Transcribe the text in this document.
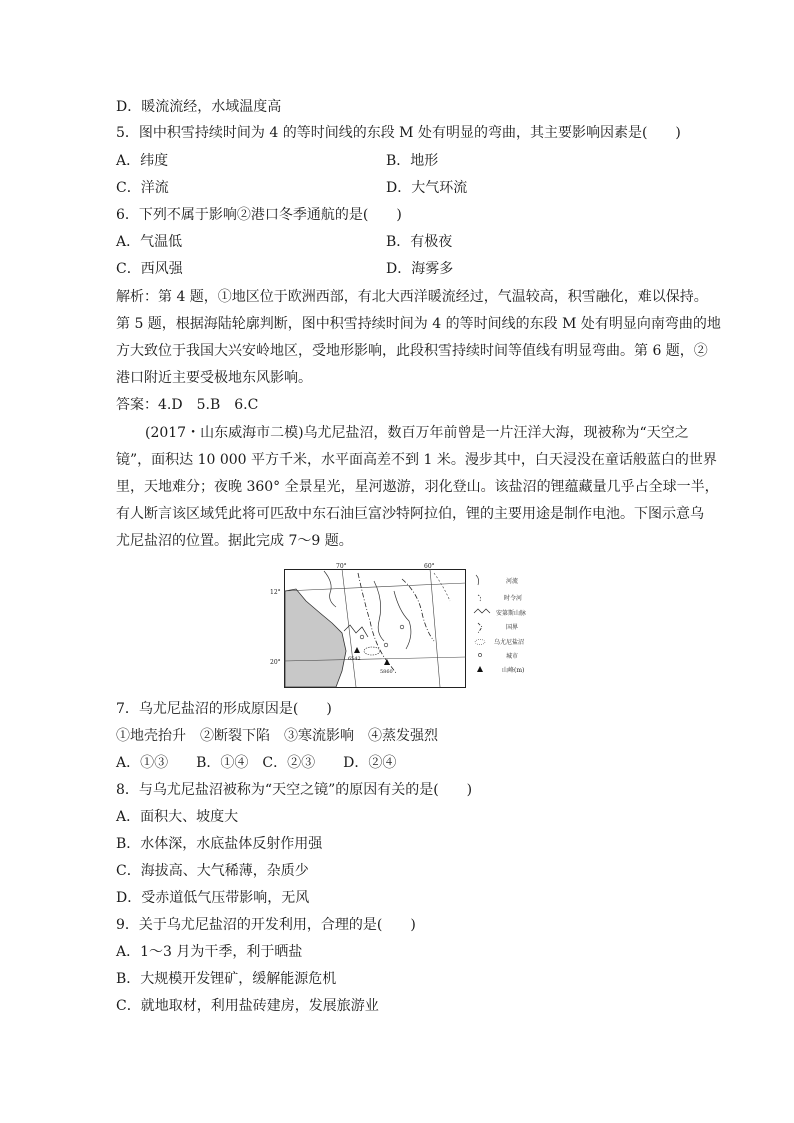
D．暖流流经，水域温度高
5．图中积雪持续时间为 4 的等时间线的东段 M 处有明显的弯曲，其主要影响因素是(　　)
A．纬度	B．地形
C．洋流	D．大气环流
6．下列不属于影响②港口冬季通航的是(　　)
A．气温低	B．有极夜
C．西风强	D．海雾多
解析：第 4 题，①地区位于欧洲西部，有北大西洋暖流经过，气温较高，积雪融化，难以保持。
第 5 题，根据海陆轮廓判断，图中积雪持续时间为 4 的等时间线的东段 M 处有明显向南弯曲的地
方大致位于我国大兴安岭地区，受地形影响，此段积雪持续时间等值线有明显弯曲。第 6 题，②
港口附近主要受极地东风影响。
答案：4.D　5.B　6.C
(2017・山东威海市二模)乌尤尼盐沼，数百万年前曾是一片汪洋大海，现被称为“天空之
镜”，面积达 10 000 平方千米，水平面高差不到 1 米。漫步其中，白天浸没在童话般蓝白的世界
里，天地难分；夜晚 360° 全景星光，星河遨游，羽化登山。该盐沼的锂蕴藏量几乎占全球一半，
有人断言该区域凭此将可匹敌中东石油巨富沙特阿拉伯，锂的主要用途是制作电池。下图示意乌
尤尼盐沼的位置。据此完成 7～9 题。
6542
5860
70°	60°
12°
20°
河流
时令河
安第斯山脉
国界
乌尤尼盐沼
城市
山峰(m)
7．乌尤尼盐沼的形成原因是(　　)
①地壳抬升　②断裂下陷　③寒流影响　④蒸发强烈
A．①③　　B．①④　C．②③　　D．②④
8．与乌尤尼盐沼被称为“天空之镜”的原因有关的是(　　)
A．面积大、坡度大
B．水体深，水底盐体反射作用强
C．海拔高、大气稀薄，杂质少
D．受赤道低气压带影响，无风
9．关于乌尤尼盐沼的开发利用，合理的是(　　)
A．1～3 月为干季，利于晒盐
B．大规模开发锂矿，缓解能源危机
C．就地取材，利用盐砖建房，发展旅游业
